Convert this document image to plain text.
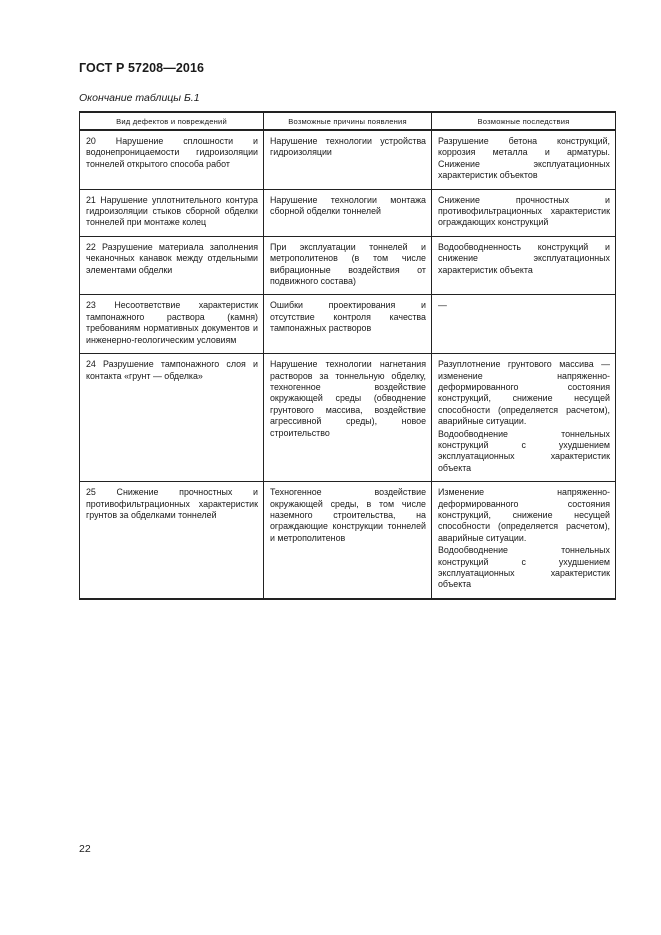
ГОСТ Р 57208—2016
Окончание таблицы Б.1
Вид дефектов и повреждений	Возможные причины появления	Возможные последствия
20 Нарушение сплошности и водонепроницаемости гидроизоляции тоннелей открытого способа работ	Нарушение технологии устройства гидроизоляции	Разрушение бетона конструкций, коррозия металла и арматуры. Снижение эксплуатационных характеристик объектов

21 Нарушение уплотнительного контура гидроизоляции стыков сборной обделки тоннелей при монтаже колец	Нарушение технологии монтажа сборной обделки тоннелей	Снижение прочностных и противофильтрационных характеристик ограждающих конструкций

22 Разрушение материала заполнения чеканочных канавок между отдельными элементами обделки	При эксплуатации тоннелей и метрополитенов (в том числе вибрационные воздействия от подвижного состава)	Водообводненность конструкций и снижение эксплуатационных характеристик объекта

23 Несоответствие характеристик тампонажного раствора (камня) требованиям нормативных документов и инженерно-геологическим условиям	Ошибки проектирования и отсутствие контроля качества тампонажных растворов	—

24 Разрушение тампонажного слоя и контакта «грунт — обделка»	Нарушение технологии нагнетания растворов за тоннельную обделку, техногенное воздействие окружающей среды (обводнение грунтового массива, воздействие агрессивной среды), новое строительство	Разуплотнение грунтового массива — изменение напряженно-деформированного состояния конструкций, снижение несущей способности (определяется расчетом), аварийные ситуации.

Водообводнение тоннельных конструкций с ухудшением эксплуатационных характеристик объекта

25 Снижение прочностных и противофильтрационных характеристик грунтов за обделками тоннелей	Техногенное воздействие окружающей среды, в том числе наземного строительства, на ограждающие конструкции тоннелей и метрополитенов	Изменение напряженно-деформированного состояния конструкций, снижение несущей способности (определяется расчетом), аварийные ситуации.

Водообводнение тоннельных конструкций с ухудшением эксплуатационных характеристик объекта

22
